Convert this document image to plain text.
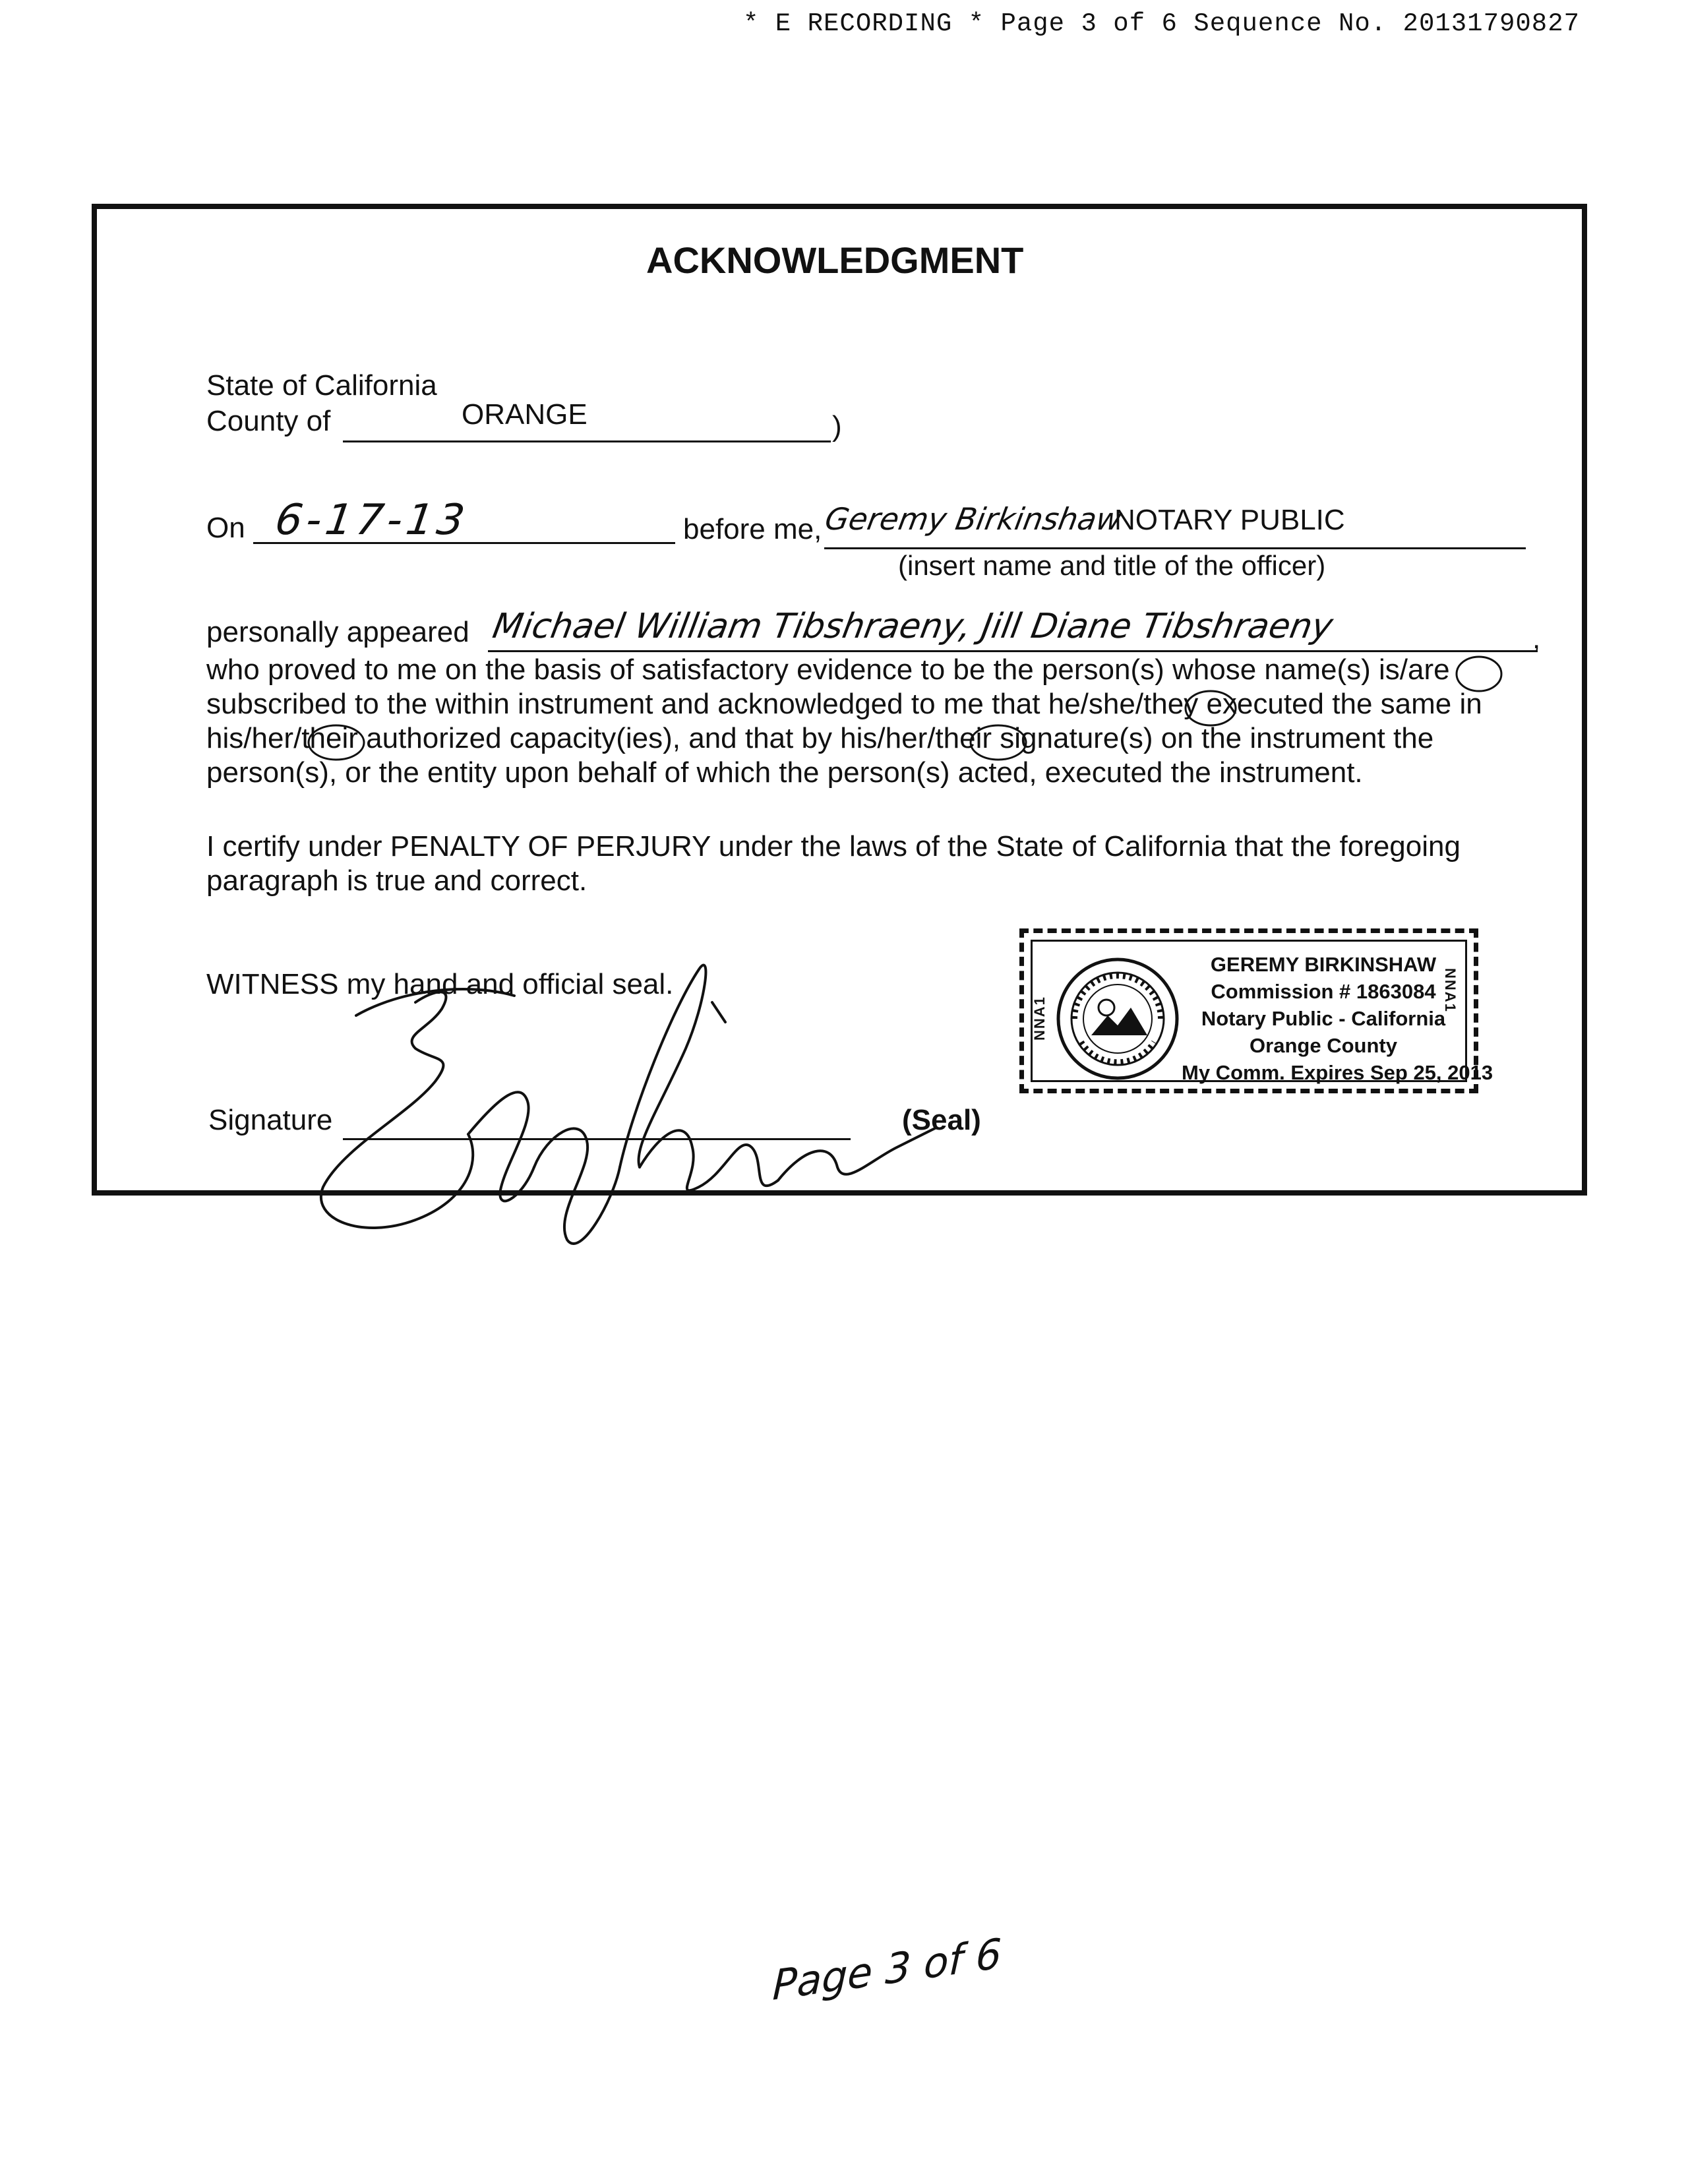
* E RECORDING * Page 3 of 6 Sequence No. 20131790827
ACKNOWLEDGMENT
State of California
County of	ORANGE	)
On 6-17-13	before me, Geremy Birkinshaw
NOTARY PUBLIC
(insert name and title of the officer)
personally appeared Michael William Tibshraeny, Jill Diane Tibshraeny	,
who proved to me on the basis of satisfactory evidence to be the person(s) whose name(s) is/are
subscribed to the within instrument and acknowledged to me that he/she/they executed the same in
his/her/their authorized capacity(ies), and that by his/her/their signature(s) on the instrument the
person(s), or the entity upon behalf of which the person(s) acted, executed the instrument.
I certify under PENALTY OF PERJURY under the laws of the State of California that the foregoing
paragraph is true and correct.
WITNESS my hand and official seal.
Signature	(Seal)
NNA1
NNA1
GEREMY BIRKINSHAW
Commission # 1863084
Notary Public - California
Orange County
My Comm. Expires Sep 25, 2013
Page 3 of 6
